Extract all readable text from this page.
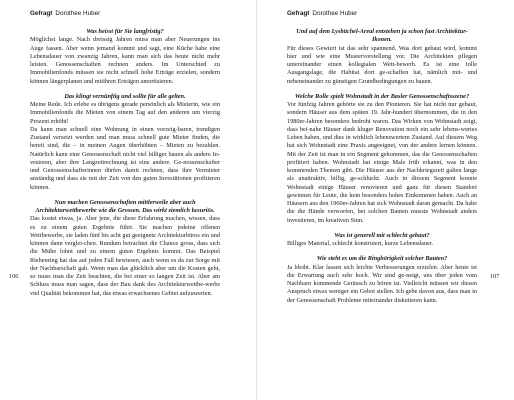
Gefragt Dorothee Huber
106

Was heisst für Sie langfristig?

Möglichst lange. Nach dreissig Jahren muss man aber Neuerungen ins Auge fassen. Aber wenn jemand kommt und sagt, eine Küche habe eine Lebensdauer von zwanzig Jahren, kann man sich das heute nicht mehr leisten. Genossenschaften rechnen anders. Im Unterschied zu Immobilienfonds müssen sie nicht schnell hohe Erträge erzielen, sondern können längerplanen und mitihren Erträgen amortisieren.

Das klingt vernünftig und sollte für alle gelten.

Meine Rede. Ich erlebe es übrigens gerade persönlich als Mieterin, wie ein Immobilienfonds die Mieten von einem Tag auf den anderen um vierzig Prozent erhöht!

Da kann man schnell eine Wohnung in einen vorzeig-baren, trendigen Zustand versetzt werden und man muss schnell gute Mieter finden, die bereit sind, die – in meinen Augen überhöhten – Mieten zu bezahlen. Natürlich kann eine Genossenschaft nicht viel billiger bauen als andere In-vestoren, aber ihre Langzeitrechnung ist eine andere. Ge-nossenschafter und Genossenschafterinnen dürfen damit rechnen, dass ihre Vermieter anständig und dass sie mit der Zeit von den guten Investitionen profitieren können.

Nun machen Genossenschaften mittlerweile aber auch Architekturwettbewerbe wie die Grossen. Das wirkt ziemlich luxuriös.

Das kostet etwas, ja. Aber jene, die diese Erfahrung machen, wissen, dass es zu einem guten Ergebnis führt. Sie machen jedeine offenen Wettbewerbe, sie laden fünf bis acht gut geeignete Architekturbüros ein und können dann verglei-chen. Rundum betrachtet die Chance gross, dass sich die Mühe lohnt und zu einem guten Ergebnis kommt. Das Beispiel Riehenring hat das auf jeden Fall bewiesen, auch wenn es da zur Sorge mit der Nachbarschaft gab. Wenn man das glücklich aber um die Kosten geht, so muss man die Zeit beachten, die bei einer so langen Zeit ist. Aber am Schluss muss man sagen, dass der Bau dank des Architekturwettbe-werbs viel Qualität bekommen hat, das etwas erwachsenes Gebiet aufzuwerten.

Gefragt Dorothee Huber
107

Und auf dem Lysbüchel-Areal entstehen ja schon fast Architektur-Ikonen.

Für dieses Gewiert ist das sehr spannend. Was dort gebaut wird, kommt hier und wie eine Mustervorstellung vor. Die Architekten pflegen untereinander einen kollegialen Wett-bewerb. Es ist eine tolle Ausgangslage, die Habitat dort ge-schaffen hat, nämlich mit- und nebeneinander zu günstigen Grundbedingungen zu bauen.

Welche Rolle spielt Wohnstadt in der Basler Genossenschaftsszene?

Vor fünfzig Jahren gehörte sie zu den Pionieren. Sie hat nicht nur gebaut, sondern Häuser aus dem späten 19. Jahr-hundert übernommen, die in den 1980er-Jahren besonders bedroht waren. Das Wirken von Wohnstadt zeigt, dass bei-nahe Häuser dank kluger Renovation noch ein sehr lebens-wertes Leben haben, und dies in wirklich lebenswertem Zustand. Auf diesem Weg hat sich Wohnstadt eine Praxis angeeignet, von der andere lernen können. Mit der Zeit ist man in ein Segment gekommen, das die Genossenschaften profitiert haben. Wohnstadt hat einige Male früh erkannt, was in den kommenden Themen gibt. Die Häuser aus der Nachkriegszeit galten lange als unattraktiv, billig, ge-schluckt. Auch in diesem Segment konnte Wohnstadt einige Häuser renovieren und ganz für diesen Standort gewinnen für Leute, die kein besonders hohes Einkommen haben. Auch an Häusern aus den 1960er-Jahren hat sich Wohnstadt daran gemacht. Da habe die die Hände verworfen, bei solchen Bauten musste Wohnstadt anders investieren, im kreativen Sinn.

Was ist generell mit schlecht gebaut?

Billiges Material, schlecht konstruiert, kurze Lebensdauer.

Wie steht es um die Ringhörigkeit solcher Bauten?

Ja bleibt. Klar lassen sich leichte Verbesserungen erzielen. Aber heute ist die Erwartung auch sehr hoch. Wir sind ge-neigt, uns über jeden vom Nachbarn kommende Geräusch zu hören ist. Vielleicht müssen wir diesen Anspruch etwas weniger ein Gebot stellen. Ich gebe davon aus, dass man in der Genossenschaft Probleme miteinander diskutieren kann.
